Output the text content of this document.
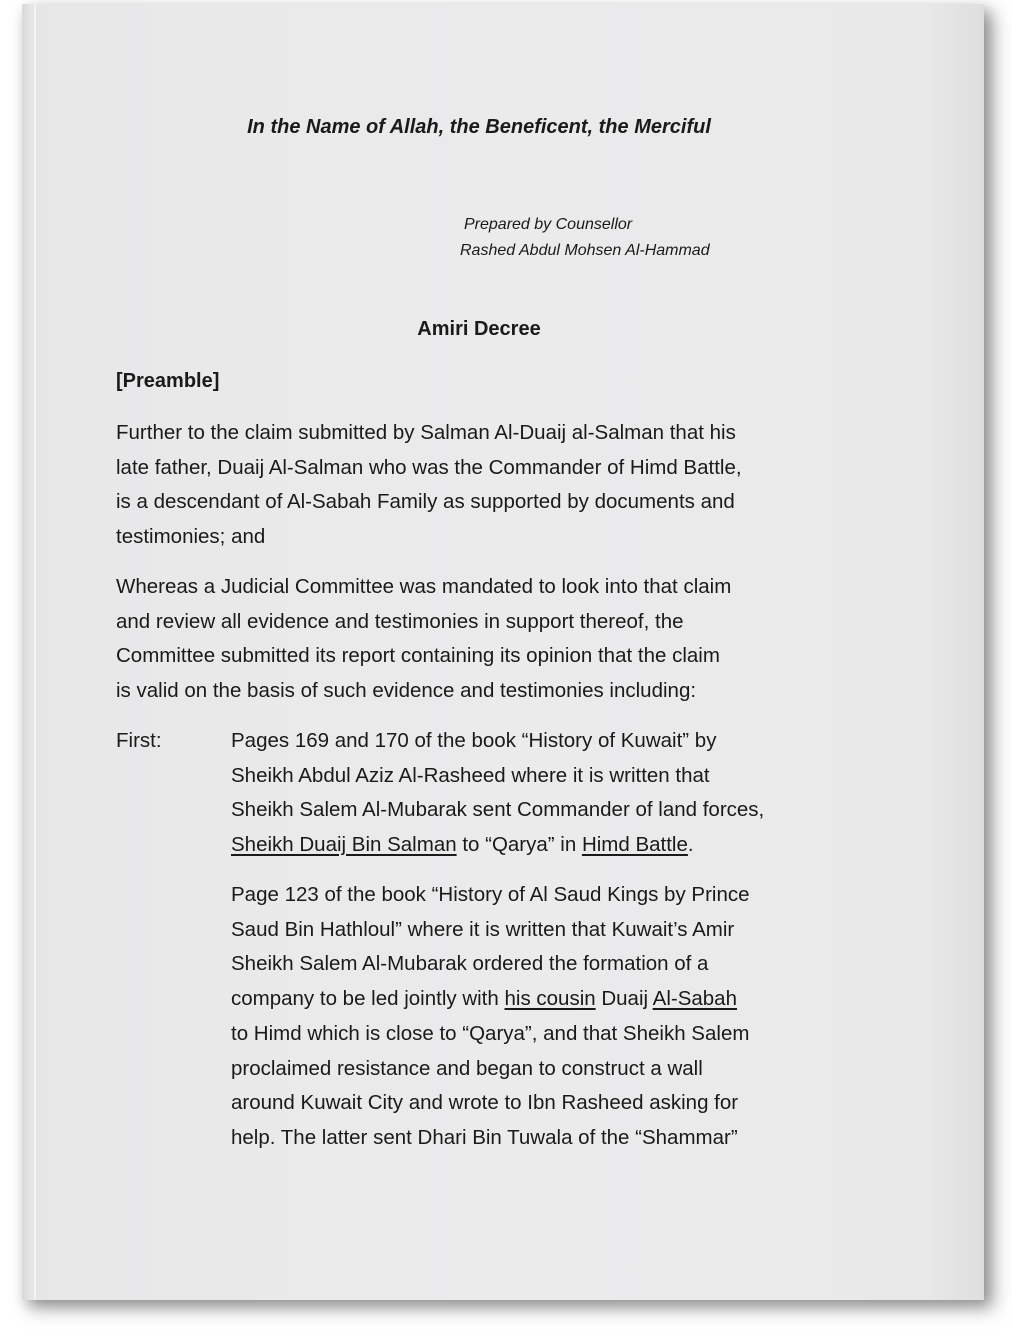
In the Name of Allah, the Beneficent, the Merciful
Prepared by Counsellor
Rashed Abdul Mohsen Al-Hammad
Amiri Decree
[Preamble]
Further to the claim submitted by Salman Al-Duaij al-Salman that his
late father, Duaij Al-Salman who was the Commander of Himd Battle,
is a descendant of Al-Sabah Family as supported by documents and
testimonies; and
Whereas a Judicial Committee was mandated to look into that claim
and review all evidence and testimonies in support thereof, the
Committee submitted its report containing its opinion that the claim
is valid on the basis of such evidence and testimonies including:
First:	Pages 169 and 170 of the book “History of Kuwait” by
Sheikh Abdul Aziz Al-Rasheed where it is written that
Sheikh Salem Al-Mubarak sent Commander of land forces,
Sheikh Duaij Bin Salman to “Qarya” in Himd Battle.
Page 123 of the book “History of Al Saud Kings by Prince
Saud Bin Hathloul” where it is written that Kuwait’s Amir
Sheikh Salem Al-Mubarak ordered the formation of a
company to be led jointly with his cousin Duaij Al-Sabah
to Himd which is close to “Qarya”, and that Sheikh Salem
proclaimed resistance and began to construct a wall
around Kuwait City and wrote to Ibn Rasheed asking for
help. The latter sent Dhari Bin Tuwala of the “Shammar”
